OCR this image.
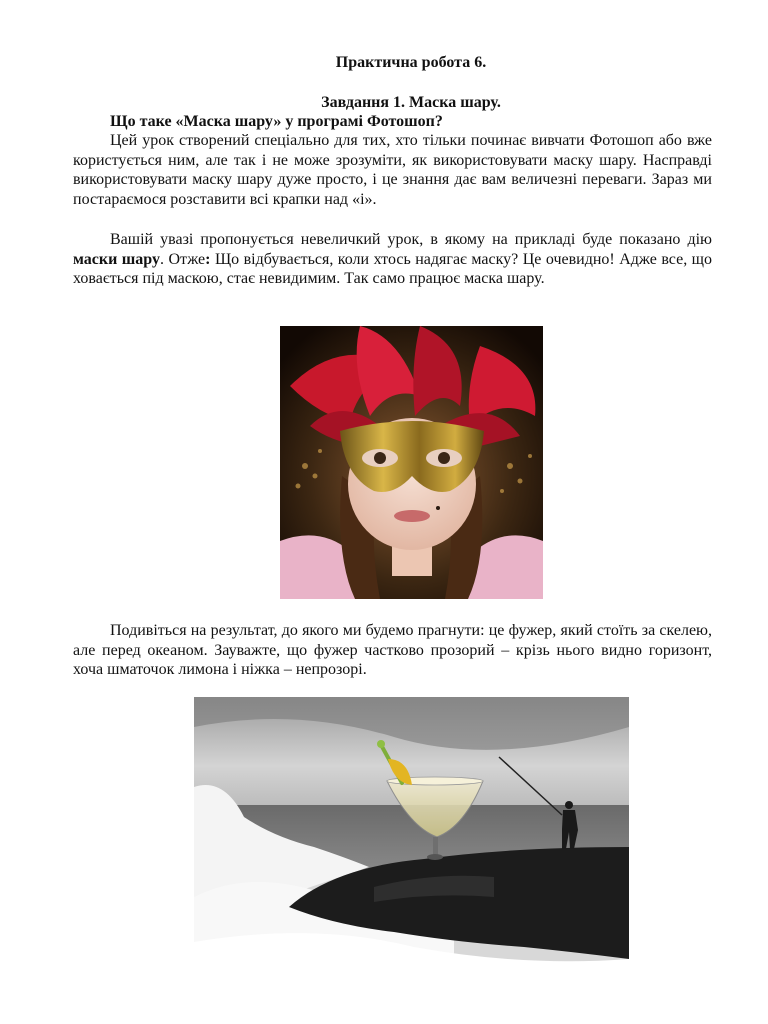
Практична робота 6.
Завдання 1. Маска шару.
Що таке «Маска шару» у програмі Фотошоп?

Цей урок створений спеціально для тих, хто тільки починає вивчати Фотошоп або вже користується ним, але так і не може зрозуміти, як використовувати маску шару. Насправді використовувати маску шару дуже просто, і це знання дає вам величезні переваги. Зараз ми постараємося розставити всі крапки над «і».

Вашій увазі пропонується невеличкий урок, в якому на прикладі буде показано дію маски шару. Отже: Що відбувається, коли хтось надягає маску? Це очевидно! Адже все, що ховається під маскою, стає невидимим. Так само працює маска шару.

Подивіться на результат, до якого ми будемо прагнути: це фужер, який стоїть за скелею, але перед океаном. Зауважте, що фужер частково прозорий – крізь нього видно горизонт, хоча шматочок лимона і ніжка – непрозорі.
